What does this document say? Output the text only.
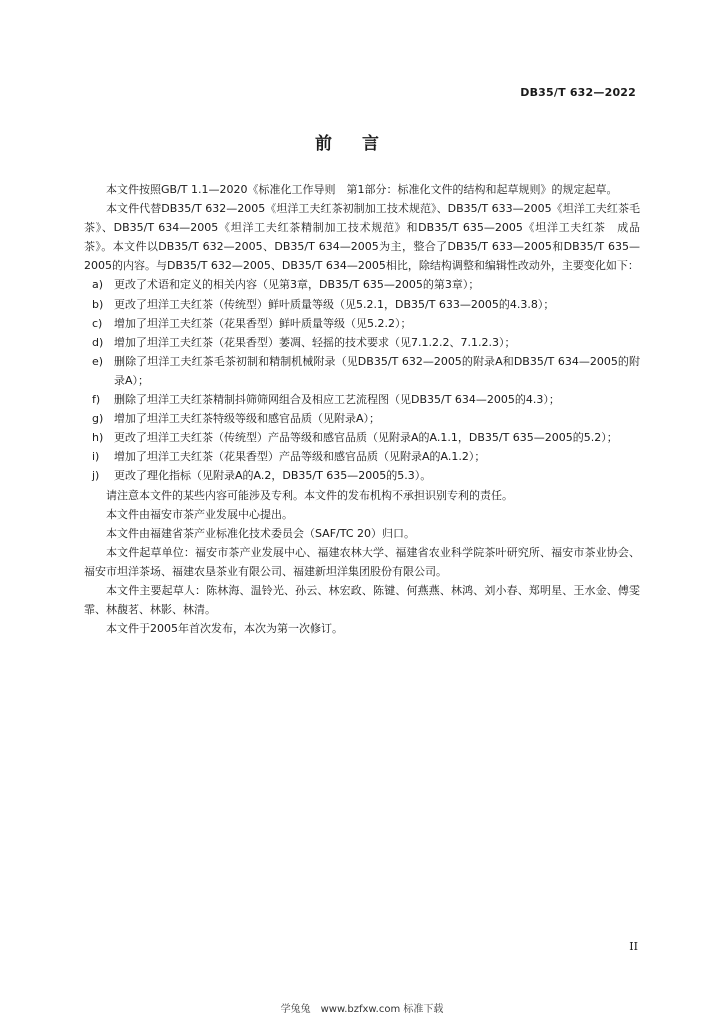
DB35/T 632—2022
前言

本文件按照GB/T 1.1—2020《标准化工作导则　第1部分：标准化文件的结构和起草规则》的规定起草。

本文件代替DB35/T 632—2005《坦洋工夫红茶初制加工技术规范》、DB35/T 633—2005《坦洋工夫红茶毛茶》、DB35/T 634—2005《坦洋工夫红茶精制加工技术规范》和DB35/T 635—2005《坦洋工夫红茶　成品茶》。本文件以DB35/T 632—2005、DB35/T 634—2005为主，整合了DB35/T 633—2005和DB35/T 635—2005的内容。与DB35/T 632—2005、DB35/T 634—2005相比，除结构调整和编辑性改动外，主要变化如下：

a) 更改了术语和定义的相关内容（见第3章，DB35/T 635—2005的第3章）；
b) 更改了坦洋工夫红茶（传统型）鲜叶质量等级（见5.2.1，DB35/T 633—2005的4.3.8）；
c)	增加了坦洋工夫红茶（花果香型）鲜叶质量等级（见5.2.2）；
d) 增加了坦洋工夫红茶（花果香型）萎凋、轻摇的技术要求（见7.1.2.2、7.1.2.3）；
e) 删除了坦洋工夫红茶毛茶初制和精制机械附录（见DB35/T 632—2005的附录A和DB35/T 634—2005的附录A）；
f)	删除了坦洋工夫红茶精制抖筛筛网组合及相应工艺流程图（见DB35/T 634—2005的4.3）；
g) 增加了坦洋工夫红茶特级等级和感官品质（见附录A）；
h) 更改了坦洋工夫红茶（传统型）产品等级和感官品质（见附录A的A.1.1，DB35/T 635—2005的5.2）；
i)	增加了坦洋工夫红茶（花果香型）产品等级和感官品质（见附录A的A.1.2）；
j)	更改了理化指标（见附录A的A.2，DB35/T 635—2005的5.3）。

请注意本文件的某些内容可能涉及专利。本文件的发布机构不承担识别专利的责任。

本文件由福安市茶产业发展中心提出。

本文件由福建省茶产业标准化技术委员会（SAF/TC 20）归口。

本文件起草单位：福安市茶产业发展中心、福建农林大学、福建省农业科学院茶叶研究所、福安市茶业协会、福安市坦洋茶场、福建农垦茶业有限公司、福建新坦洋集团股份有限公司。

本文件主要起草人：陈林海、温铃光、孙云、林宏政、陈键、何燕燕、林鸿、刘小春、郑明星、王水金、傅雯霏、林馥茗、林影、林清。

本文件于2005年首次发布，本次为第一次修订。

II
学兔兔　www.bzfxw.com 标准下载
